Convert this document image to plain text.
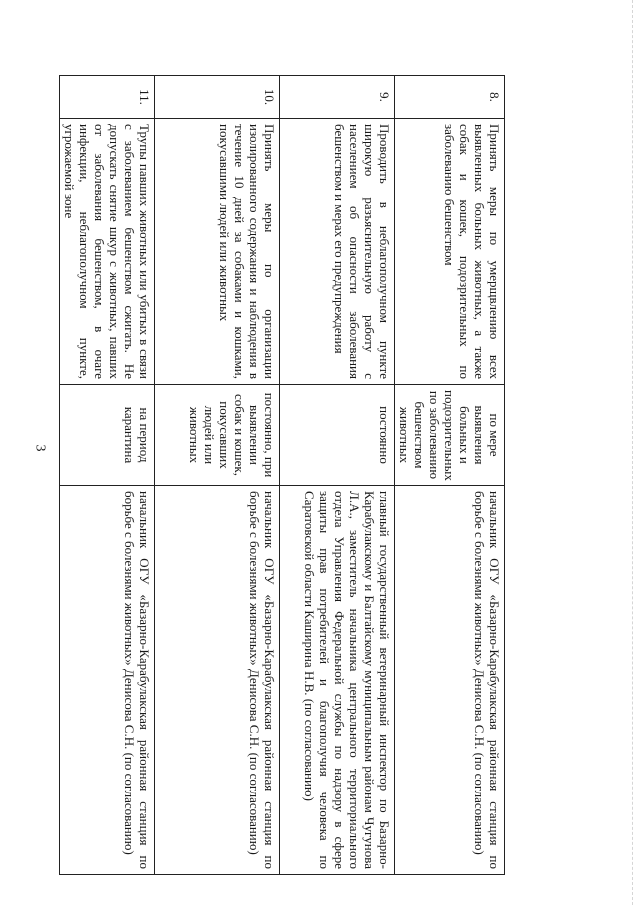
3
8.	Принять меры по умерщвлению всех выявленных больных животных, а также собак и кошек, подозрительных по заболеванию бешенством	по мере выявления больных и подозрительных по заболеванию бешенством животных	начальник ОГУ «Базарно-Карабулакская районная станция по борьбе с болезнями животных» Денисова С.Н. (по согласованию)
9.	Проводить в неблагополучном пункте широкую разъяснительную работу с населением об опасности заболевания бешенством и мерах его предупреждения	постоянно	главный государственный ветеринарный инспектор по Базарно-Карабулакскому и Балтайскому муниципальным районам Чугунова Л.А., заместитель начальника центрального территориального отдела Управления Федеральной службы по надзору в сфере защиты прав потребителей и благополучия человека по Саратовской области Каширина Н.В. (по согласованию)
10.	Принять меры по организации изолированного содержания и наблюдения в течение 10 дней за собаками и кошками, покусавшими людей или животных	постоянно, при выявлении собак и кошек, покусавших людей или животных	начальник ОГУ «Базарно-Карабулакская районная станция по борьбе с болезнями животных» Денисова С.Н. (по согласованию)
11.	Трупы павших животных или убитых в связи с заболеванием бешенством сжигать. Не допускать снятие шкур с животных, павших от заболевания бешенством, в очаге инфекции, неблагополучном пункте, угрожаемой зоне	на период карантина	начальник ОГУ «Базарно-Карабулакская районная станция по борьбе с болезнями животных» Денисова С.Н. (по согласованию)
